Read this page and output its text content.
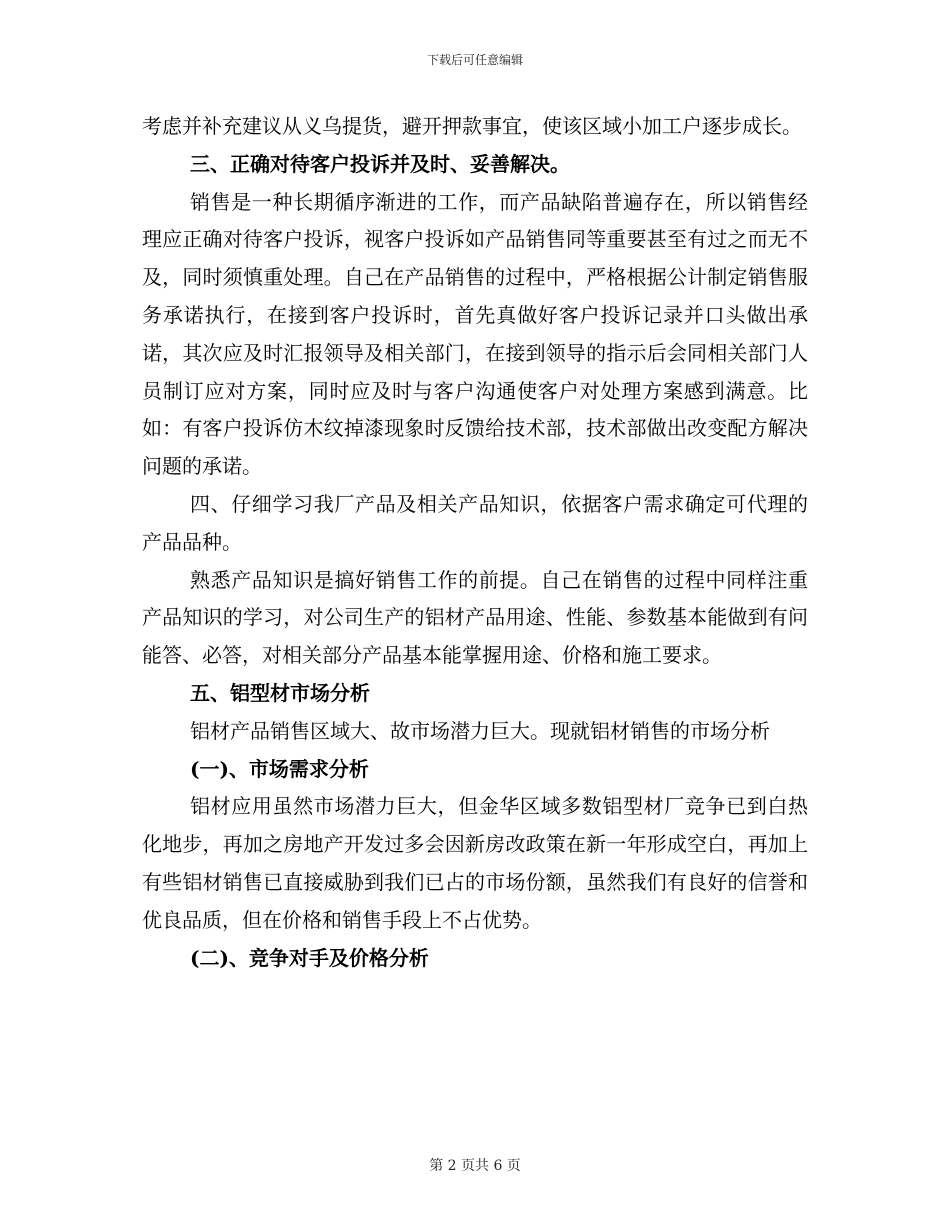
下载后可任意编辑

考虑并补充建议从义乌提货，避开押款事宜，使该区域小加工户逐步成长。

三、正确对待客户投诉并及时、妥善解决。

销售是一种长期循序渐进的工作，而产品缺陷普遍存在，所以销售经理应正确对待客户投诉，视客户投诉如产品销售同等重要甚至有过之而无不及，同时须慎重处理。自己在产品销售的过程中，严格根据公计制定销售服务承诺执行，在接到客户投诉时，首先真做好客户投诉记录并口头做出承诺，其次应及时汇报领导及相关部门，在接到领导的指示后会同相关部门人员制订应对方案，同时应及时与客户沟通使客户对处理方案感到满意。比如：有客户投诉仿木纹掉漆现象时反馈给技术部，技术部做出改变配方解决问题的承诺。

四、仔细学习我厂产品及相关产品知识，依据客户需求确定可代理的产品品种。

熟悉产品知识是搞好销售工作的前提。自己在销售的过程中同样注重产品知识的学习，对公司生产的铝材产品用途、性能、参数基本能做到有问能答、必答，对相关部分产品基本能掌握用途、价格和施工要求。

五、铝型材市场分析

铝材产品销售区域大、故市场潜力巨大。现就铝材销售的市场分析

(一)、市场需求分析

铝材应用虽然市场潜力巨大，但金华区域多数铝型材厂竞争已到白热化地步，再加之房地产开发过多会因新房改政策在新一年形成空白，再加上有些铝材销售已直接威胁到我们已占的市场份额，虽然我们有良好的信誉和优良品质，但在价格和销售手段上不占优势。

(二)、竞争对手及价格分析

第 2 页共 6 页
